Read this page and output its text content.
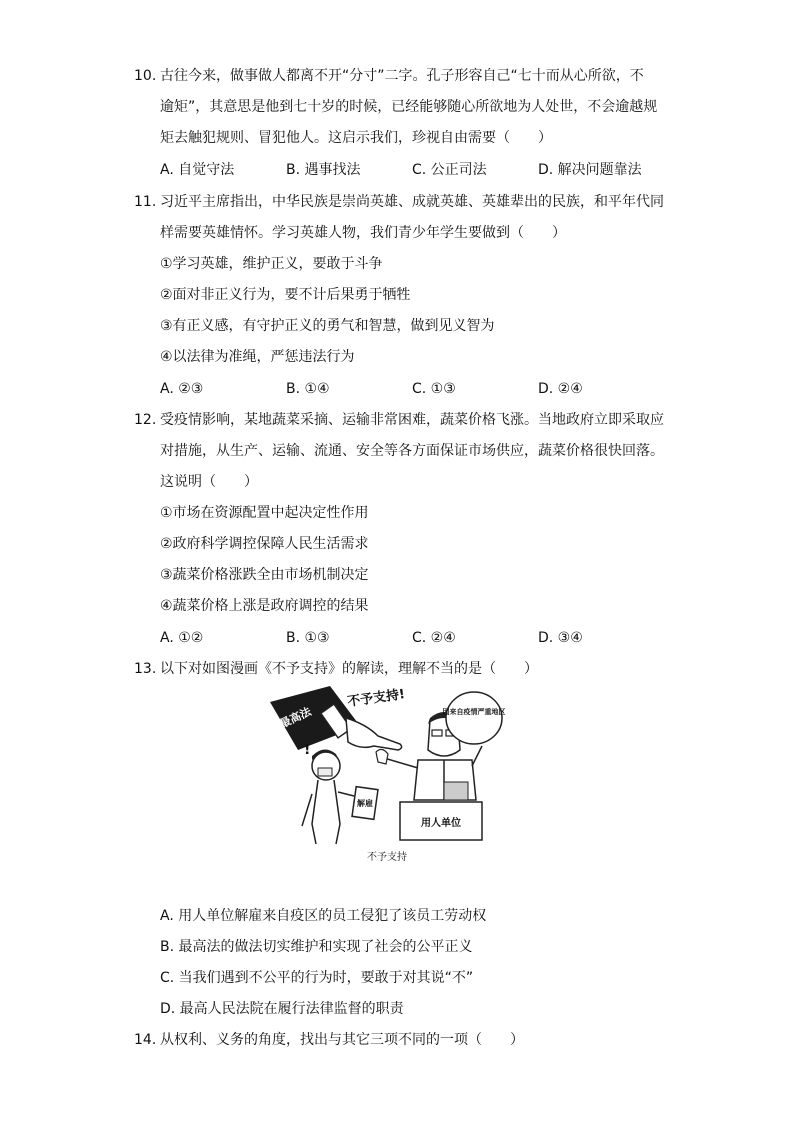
10. 古往今来，做事做人都离不开“分寸”二字。孔子形容自己“七十而从心所欲，不
逾矩”，其意思是他到七十岁的时候，已经能够随心所欲地为人处世，不会逾越规
矩去触犯规则、冒犯他人。这启示我们，珍视自由需要（　　）
A. 自觉守法	B. 遇事找法	C. 公正司法	D. 解决问题靠法
11. 习近平主席指出，中华民族是崇尚英雄、成就英雄、英雄辈出的民族，和平年代同
样需要英雄情怀。学习英雄人物，我们青少年学生要做到（　　）
①学习英雄，维护正义，要敢于斗争
②面对非正义行为，要不计后果勇于牺牲
③有正义感，有守护正义的勇气和智慧，做到见义智为
④以法律为准绳，严惩违法行为
A. ②③	B. ①④	C. ①③	D. ②④
12. 受疫情影响，某地蔬菜采摘、运输非常困难，蔬菜价格飞涨。当地政府立即采取应
对措施，从生产、运输、流通、安全等各方面保证市场供应，蔬菜价格很快回落。
这说明（　　）
①市场在资源配置中起决定性作用
②政府科学调控保障人民生活需求
③蔬菜价格涨跌全由市场机制决定
④蔬菜价格上涨是政府调控的结果
A. ①②	B. ①③	C. ②④	D. ③④
13. 以下对如图漫画《不予支持》的解读，理解不当的是（　　）
不予支持!
最高法
!
解雇
因来自疫情严重地区
用人单位
不予支持
A. 用人单位解雇来自疫区的员工侵犯了该员工劳动权
B. 最高法的做法切实维护和实现了社会的公平正义
C. 当我们遇到不公平的行为时，要敢于对其说“不”
D. 最高人民法院在履行法律监督的职责
14. 从权利、义务的角度，找出与其它三项不同的一项（　　）
